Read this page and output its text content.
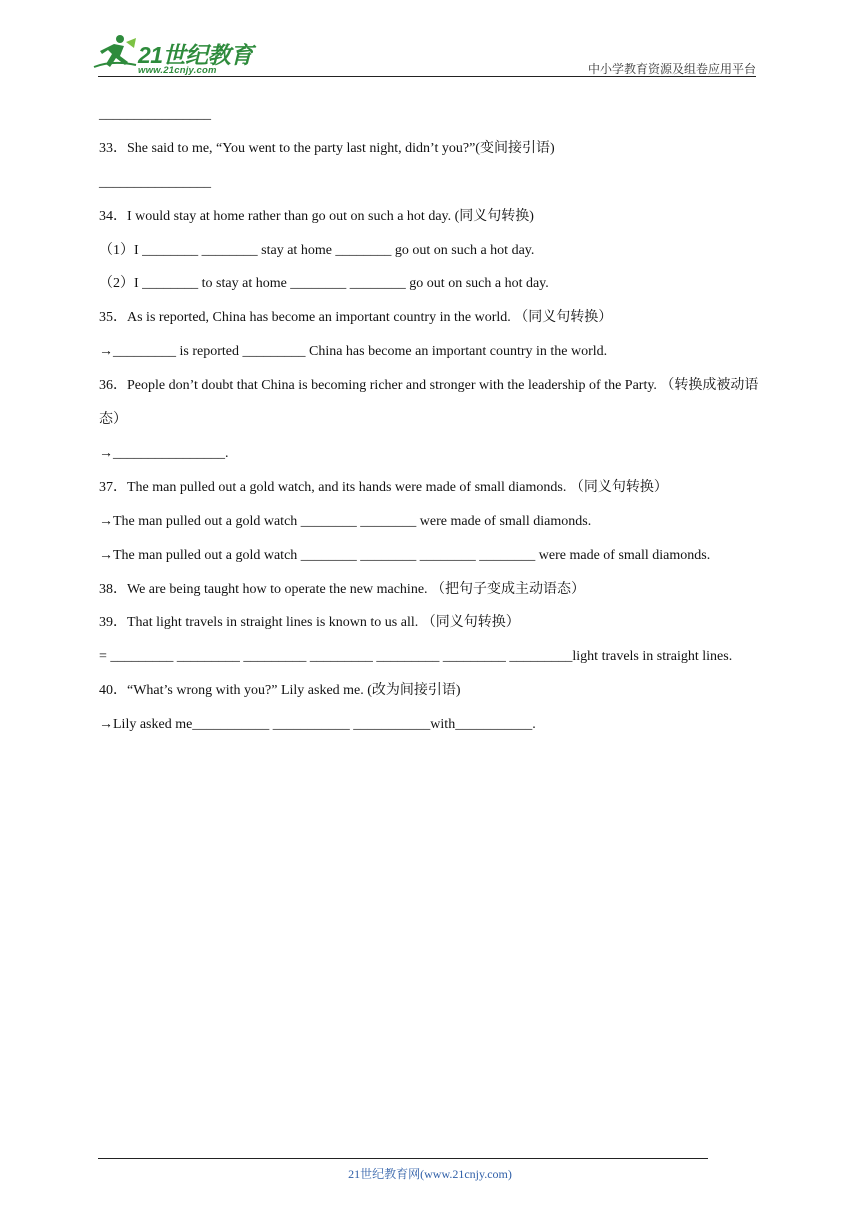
21世纪教育
www.21cnjy.com	中小学教育资源及组卷应用平台
________________
33．She said to me, “You went to the party last night, didn’t you?”(变间接引语)
________________
34．I would stay at home rather than go out on such a hot day. (同义句转换)
（1）I ________ ________ stay at home ________ go out on such a hot day.
（2）I ________ to stay at home ________ ________ go out on such a hot day.
35．As is reported, China has become an important country in the world. （同义句转换）
→_________ is reported _________ China has become an important country in the world.
36．People don’t doubt that China is becoming richer and stronger with the leadership of the Party. （转换成被动语态）
→________________.
37．The man pulled out a gold watch, and its hands were made of small diamonds. （同义句转换）
→The man pulled out a gold watch ________ ________ were made of small diamonds.
→The man pulled out a gold watch ________ ________ ________ ________ were made of small diamonds.
38．We are being taught how to operate the new machine. （把句子变成主动语态）
39．That light travels in straight lines is known to us all. （同义句转换）
= _________ _________ _________ _________ _________ _________ _________light travels in straight lines.
40．“What’s wrong with you?” Lily asked me. (改为间接引语)
→Lily asked me___________ ___________ ___________with___________.
21世纪教育网(www.21cnjy.com)
